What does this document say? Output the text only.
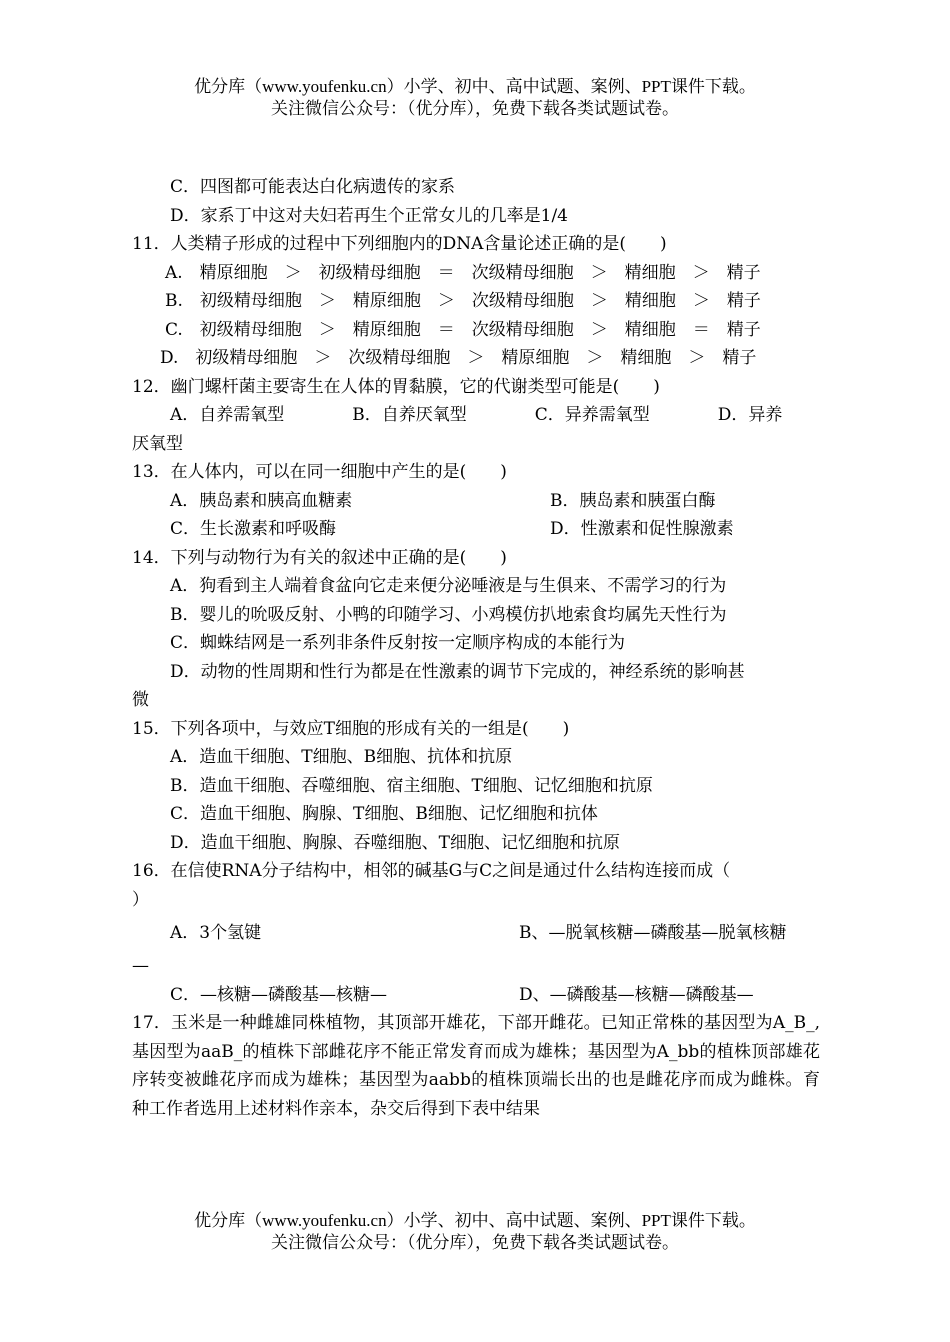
优分库（www.youfenku.cn）小学、初中、高中试题、案例、PPT课件下载。
关注微信公众号：（优分库），免费下载各类试题试卷。
C．四图都可能表达白化病遗传的家系
D．家系丁中这对夫妇若再生个正常女儿的几率是1/4
11．人类精子形成的过程中下列细胞内的DNA含量论述正确的是(　　)
A.　精原细胞　＞　初级精母细胞　＝　次级精母细胞　＞　精细胞　＞　精子
B.　初级精母细胞　＞　精原细胞　＞　次级精母细胞　＞　精细胞　＞　精子
C.　初级精母细胞　＞　精原细胞　＝　次级精母细胞　＞　精细胞　＝　精子
D.　初级精母细胞　＞　次级精母细胞　＞　精原细胞　＞　精细胞　＞　精子
12．幽门螺杆菌主要寄生在人体的胃黏膜，它的代谢类型可能是(　　)
A．自养需氧型　　　　B．自养厌氧型　　　　C．异养需氧型　　　　D．异养
厌氧型
13．在人体内，可以在同一细胞中产生的是(　　)
A．胰岛素和胰高血糖素	B．胰岛素和胰蛋白酶
C．生长激素和呼吸酶	D．性激素和促性腺激素
14．下列与动物行为有关的叙述中正确的是(　　)
A．狗看到主人端着食盆向它走来便分泌唾液是与生俱来、不需学习的行为
B．婴儿的吮吸反射、小鸭的印随学习、小鸡模仿扒地索食均属先天性行为
C．蜘蛛结网是一系列非条件反射按一定顺序构成的本能行为
D．动物的性周期和性行为都是在性激素的调节下完成的，神经系统的影响甚
微
15．下列各项中，与效应T细胞的形成有关的一组是(　　)
A．造血干细胞、T细胞、B细胞、抗体和抗原
B．造血干细胞、吞噬细胞、宿主细胞、T细胞、记忆细胞和抗原
C．造血干细胞、胸腺、T细胞、B细胞、记忆细胞和抗体
D．造血干细胞、胸腺、吞噬细胞、T细胞、记忆细胞和抗原
16．在信使RNA分子结构中，相邻的碱基G与C之间是通过什么结构连接而成（
）
A．3个氢键	B、—脱氧核糖—磷酸基—脱氧核糖
—
C．—核糖—磷酸基—核糖—	D、—磷酸基—核糖—磷酸基—
17．玉米是一种雌雄同株植物，其顶部开雄花，下部开雌花。已知正常株的基因型为A_B_,基因型为aaB_的植株下部雌花序不能正常发育而成为雄株；基因型为A_bb的植株顶部雄花序转变被雌花序而成为雄株；基因型为aabb的植株顶端长出的也是雌花序而成为雌株。育种工作者选用上述材料作亲本，杂交后得到下表中结果
优分库（www.youfenku.cn）小学、初中、高中试题、案例、PPT课件下载。
关注微信公众号：（优分库），免费下载各类试题试卷。
